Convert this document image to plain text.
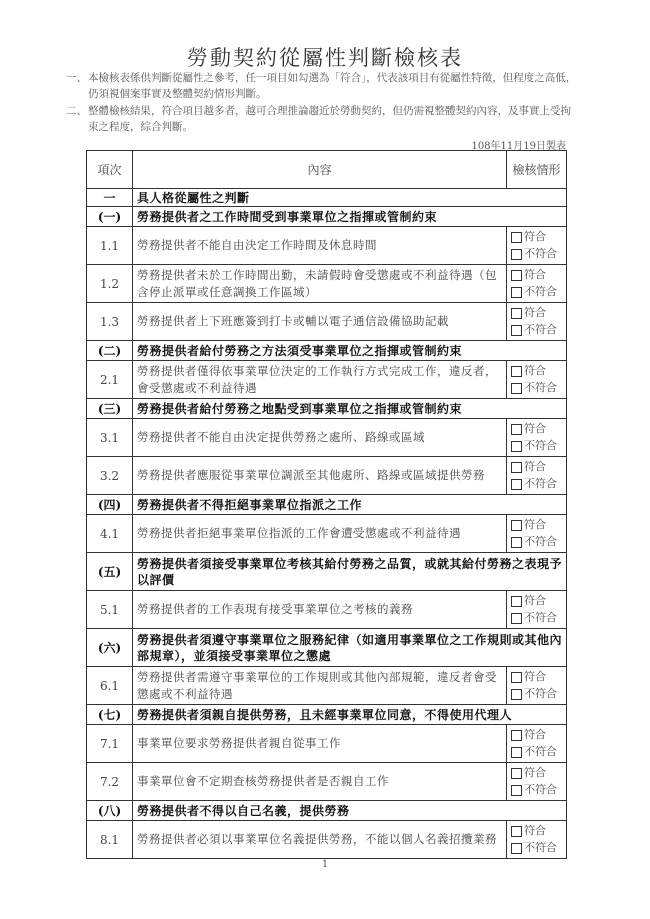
勞動契約從屬性判斷檢核表
一、 本檢核表係供判斷從屬性之參考，任一項目如勾選為「符合」，代表該項目有從屬性特徵，但程度之高低，仍須視個案事實及整體契約情形判斷。
二、 整體檢核結果，符合項目越多者，越可合理推論趨近於勞動契約，但仍需視整體契約內容，及事實上受拘束之程度，綜合判斷。
108年11月19日製表
項次	內容	檢核情形
一	具人格從屬性之判斷	
(一)	勞務提供者之工作時間受到事業單位之指揮或管制約束	
1.1	勞務提供者不能自由決定工作時間及休息時間	符合
不符合

1.2	勞務提供者未於工作時間出勤，未請假時會受懲處或不利益待遇（包含停止派單或任意調換工作區域）	符合
不符合

1.3	勞務提供者上下班應簽到打卡或輔以電子通信設備協助記載	符合
不符合

(二)	勞務提供者給付勞務之方法須受事業單位之指揮或管制約束	
2.1	勞務提供者僅得依事業單位決定的工作執行方式完成工作，違反者，會受懲處或不利益待遇	符合
不符合

(三)	勞務提供者給付勞務之地點受到事業單位之指揮或管制約束	
3.1	勞務提供者不能自由決定提供勞務之處所、路線或區域	符合
不符合

3.2	勞務提供者應服從事業單位調派至其他處所、路線或區域提供勞務	符合
不符合

(四)	勞務提供者不得拒絕事業單位指派之工作	
4.1	勞務提供者拒絕事業單位指派的工作會遭受懲處或不利益待遇	符合
不符合

(五)	勞務提供者須接受事業單位考核其給付勞務之品質，或就其給付勞務之表現予以評價	
5.1	勞務提供者的工作表現有接受事業單位之考核的義務	符合
不符合

(六)	勞務提供者須遵守事業單位之服務紀律（如適用事業單位之工作規則或其他內部規章），並須接受事業單位之懲處	
6.1	勞務提供者需遵守事業單位的工作規則或其他內部規範，違反者會受懲處或不利益待遇	符合
不符合

(七)	勞務提供者須親自提供勞務，且未經事業單位同意，不得使用代理人	
7.1	事業單位要求勞務提供者親自從事工作	符合
不符合

7.2	事業單位會不定期查核勞務提供者是否親自工作	符合
不符合

(八)	勞務提供者不得以自己名義，提供勞務	
8.1	勞務提供者必須以事業單位名義提供勞務，不能以個人名義招攬業務	符合
不符合
1
